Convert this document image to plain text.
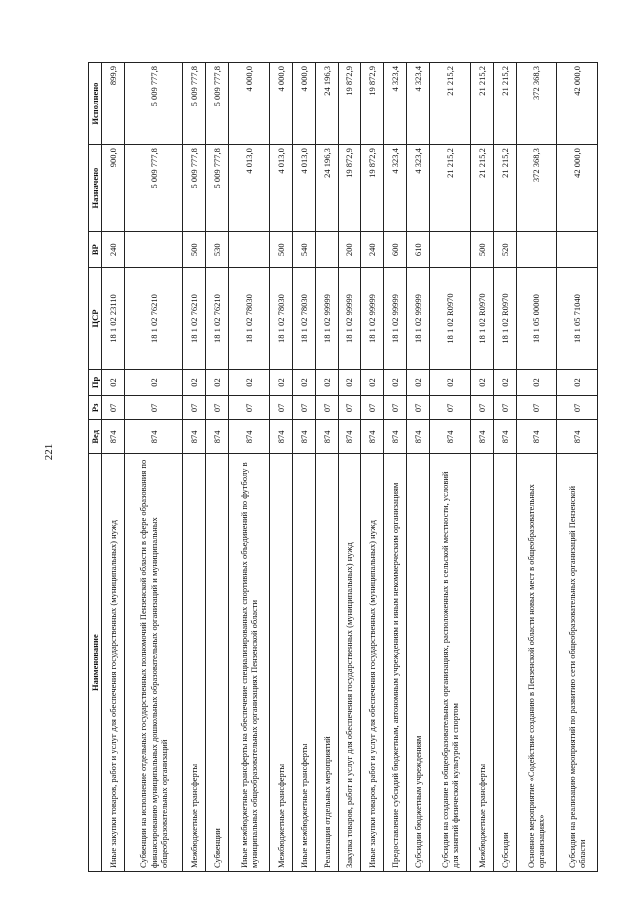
221
Наименование	Вед	Рз	Пр	ЦСР	ВР	Назначено	Исполнено
Иные закупки товаров, работ и услуг для обеспечения государственных (муниципальных) нужд	874	07	02	18 1 02 23110	240	900,0	899,9
Субвенции на исполнение отдельных государственных полномочий Пензенской области в сфере образования по финансированию муниципальных дошкольных образовательных организаций и муниципальных общеобразовательных организаций	874	07	02	18 1 02 76210		5 009 777,8	5 009 777,8
Межбюджетные трансферты	874	07	02	18 1 02 76210	500	5 009 777,8	5 009 777,8
Субвенции	874	07	02	18 1 02 76210	530	5 009 777,8	5 009 777,8
Иные межбюджетные трансферты на обеспечение специализированных спортивных объединений по футболу в муниципальных общеобразовательных организациях Пензенской области	874	07	02	18 1 02 78030		4 013,0	4 000,0
Межбюджетные трансферты	874	07	02	18 1 02 78030	500	4 013,0	4 000,0
Иные межбюджетные трансферты	874	07	02	18 1 02 78030	540	4 013,0	4 000,0
Реализация отдельных мероприятий	874	07	02	18 1 02 99999		24 196,3	24 196,3
Закупка товаров, работ и услуг для обеспечения государственных (муниципальных) нужд	874	07	02	18 1 02 99999	200	19 872,9	19 872,9
Иные закупки товаров, работ и услуг для обеспечения государственных (муниципальных) нужд	874	07	02	18 1 02 99999	240	19 872,9	19 872,9
Предоставление субсидий бюджетным, автономным учреждениям и иным некоммерческим организациям	874	07	02	18 1 02 99999	600	4 323,4	4 323,4
Субсидии бюджетным учреждениям	874	07	02	18 1 02 99999	610	4 323,4	4 323,4
Субсидии на создание в общеобразовательных организациях, расположенных в сельской местности, условий для занятий физической культурой и спортом	874	07	02	18 1 02 R0970		21 215,2	21 215,2
Межбюджетные трансферты	874	07	02	18 1 02 R0970	500	21 215,2	21 215,2
Субсидии	874	07	02	18 1 02 R0970	520	21 215,2	21 215,2
Основное мероприятие «Содействие созданию в Пензенской области новых мест в общеобразовательных организациях»	874	07	02	18 1 05 00000		372 368,3	372 368,3
Субсидии на реализацию мероприятий по развитию сети общеобразовательных организаций Пензенской области	874	07	02	18 1 05 71040		42 000,0	42 000,0
